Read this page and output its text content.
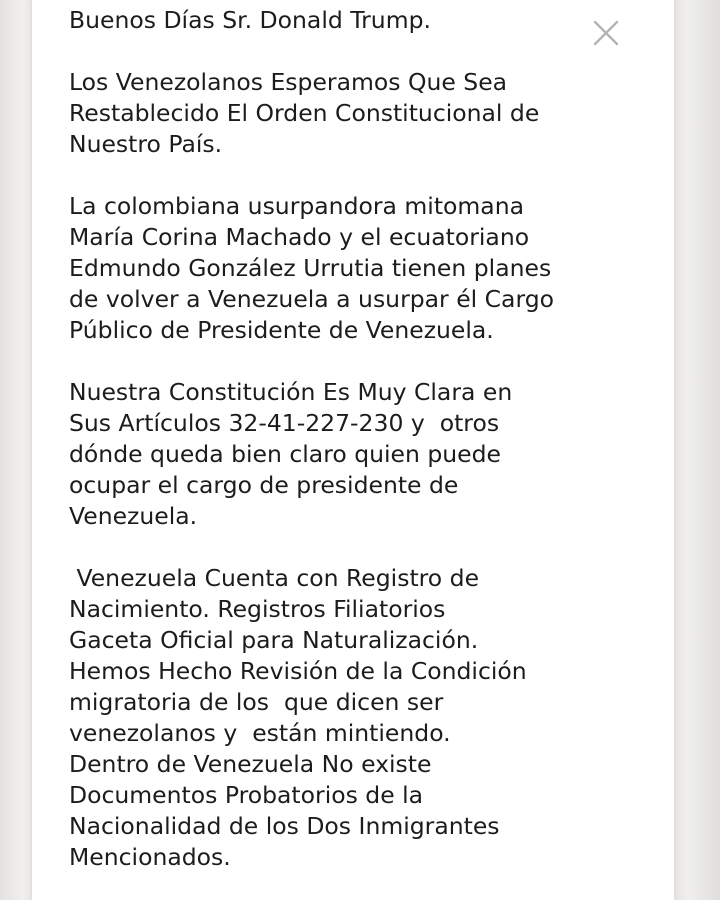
Buenos Días Sr. Donald Trump.

Los Venezolanos Esperamos Que Sea
Restablecido El Orden Constitucional de
Nuestro País.

La colombiana usurpandora mitomana
María Corina Machado y el ecuatoriano
Edmundo González Urrutia tienen planes
de volver a Venezuela a usurpar él Cargo
Público de Presidente de Venezuela.

Nuestra Constitución Es Muy Clara en
Sus Artículos 32-41-227-230 y  otros
dónde queda bien claro quien puede
ocupar el cargo de presidente de
Venezuela.

Venezuela Cuenta con Registro de
Nacimiento. Registros Filiatorios
Gaceta Oficial para Naturalización.
Hemos Hecho Revisión de la Condición
migratoria de los  que dicen ser
venezolanos y  están mintiendo.
Dentro de Venezuela No existe
Documentos Probatorios de la
Nacionalidad de los Dos Inmigrantes
Mencionados.
